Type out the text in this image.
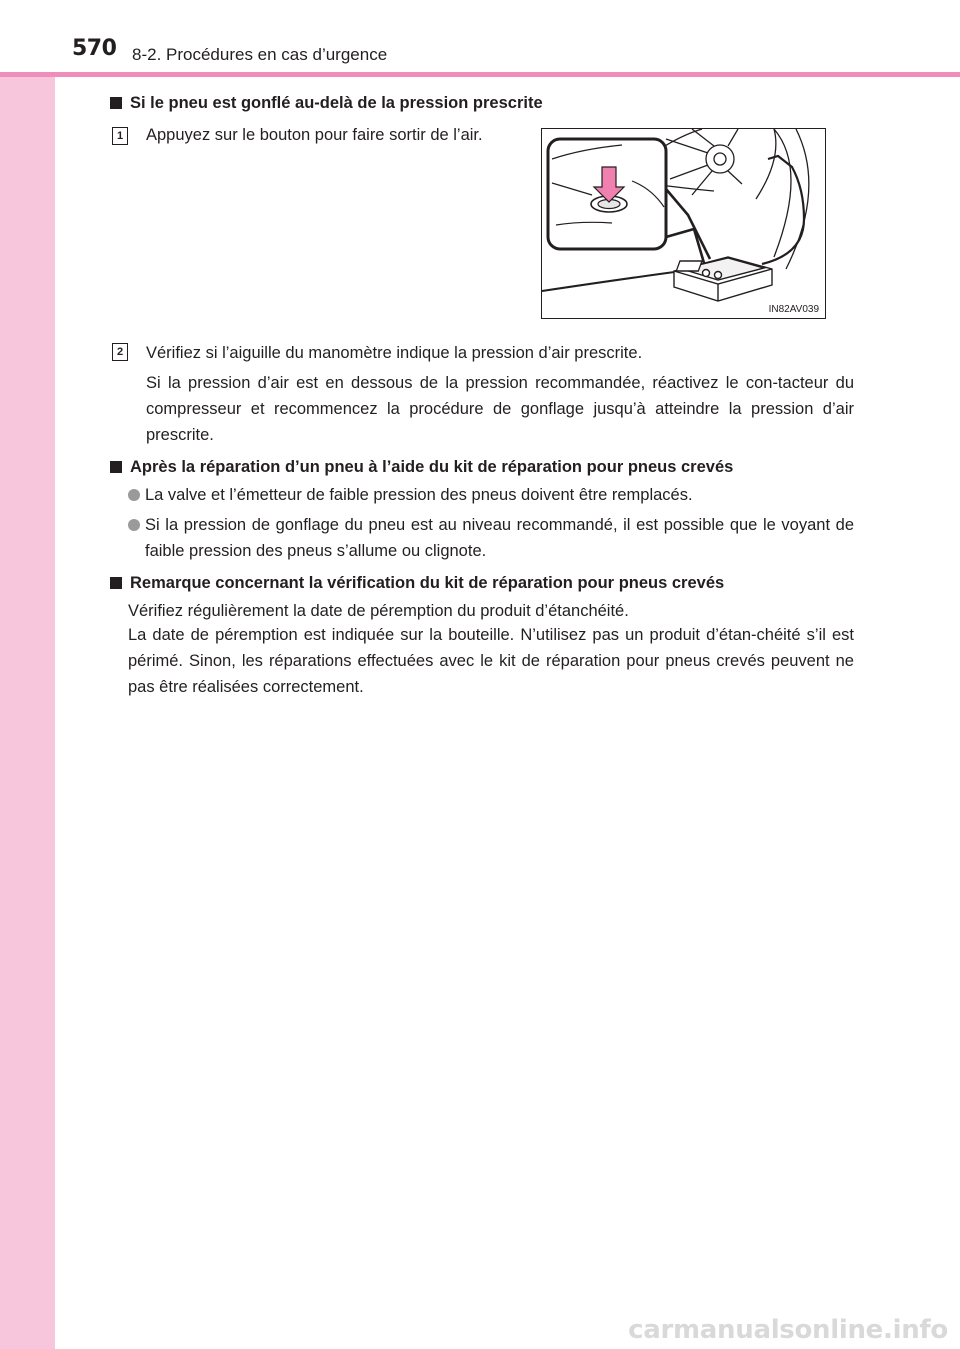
570 8-2. Procédures en cas d’urgence
Si le pneu est gonflé au-delà de la pression prescrite
1 Appuyez sur le bouton pour faire sortir de l’air.
IN82AV039
2 Vérifiez si l’aiguille du manomètre indique la pression d’air prescrite.
Si la pression d’air est en dessous de la pression recommandée, réactivez le con-tacteur du compresseur et recommencez la procédure de gonflage jusqu’à atteindre la pression d’air prescrite.
Après la réparation d’un pneu à l’aide du kit de réparation pour pneus crevés
La valve et l’émetteur de faible pression des pneus doivent être remplacés.
Si la pression de gonflage du pneu est au niveau recommandé, il est possible que le voyant de faible pression des pneus s’allume ou clignote.
Remarque concernant la vérification du kit de réparation pour pneus crevés
Vérifiez régulièrement la date de péremption du produit d’étanchéité.
La date de péremption est indiquée sur la bouteille. N’utilisez pas un produit d’étan-chéité s’il est périmé. Sinon, les réparations effectuées avec le kit de réparation pour pneus crevés peuvent ne pas être réalisées correctement.
carmanualsonline.info
